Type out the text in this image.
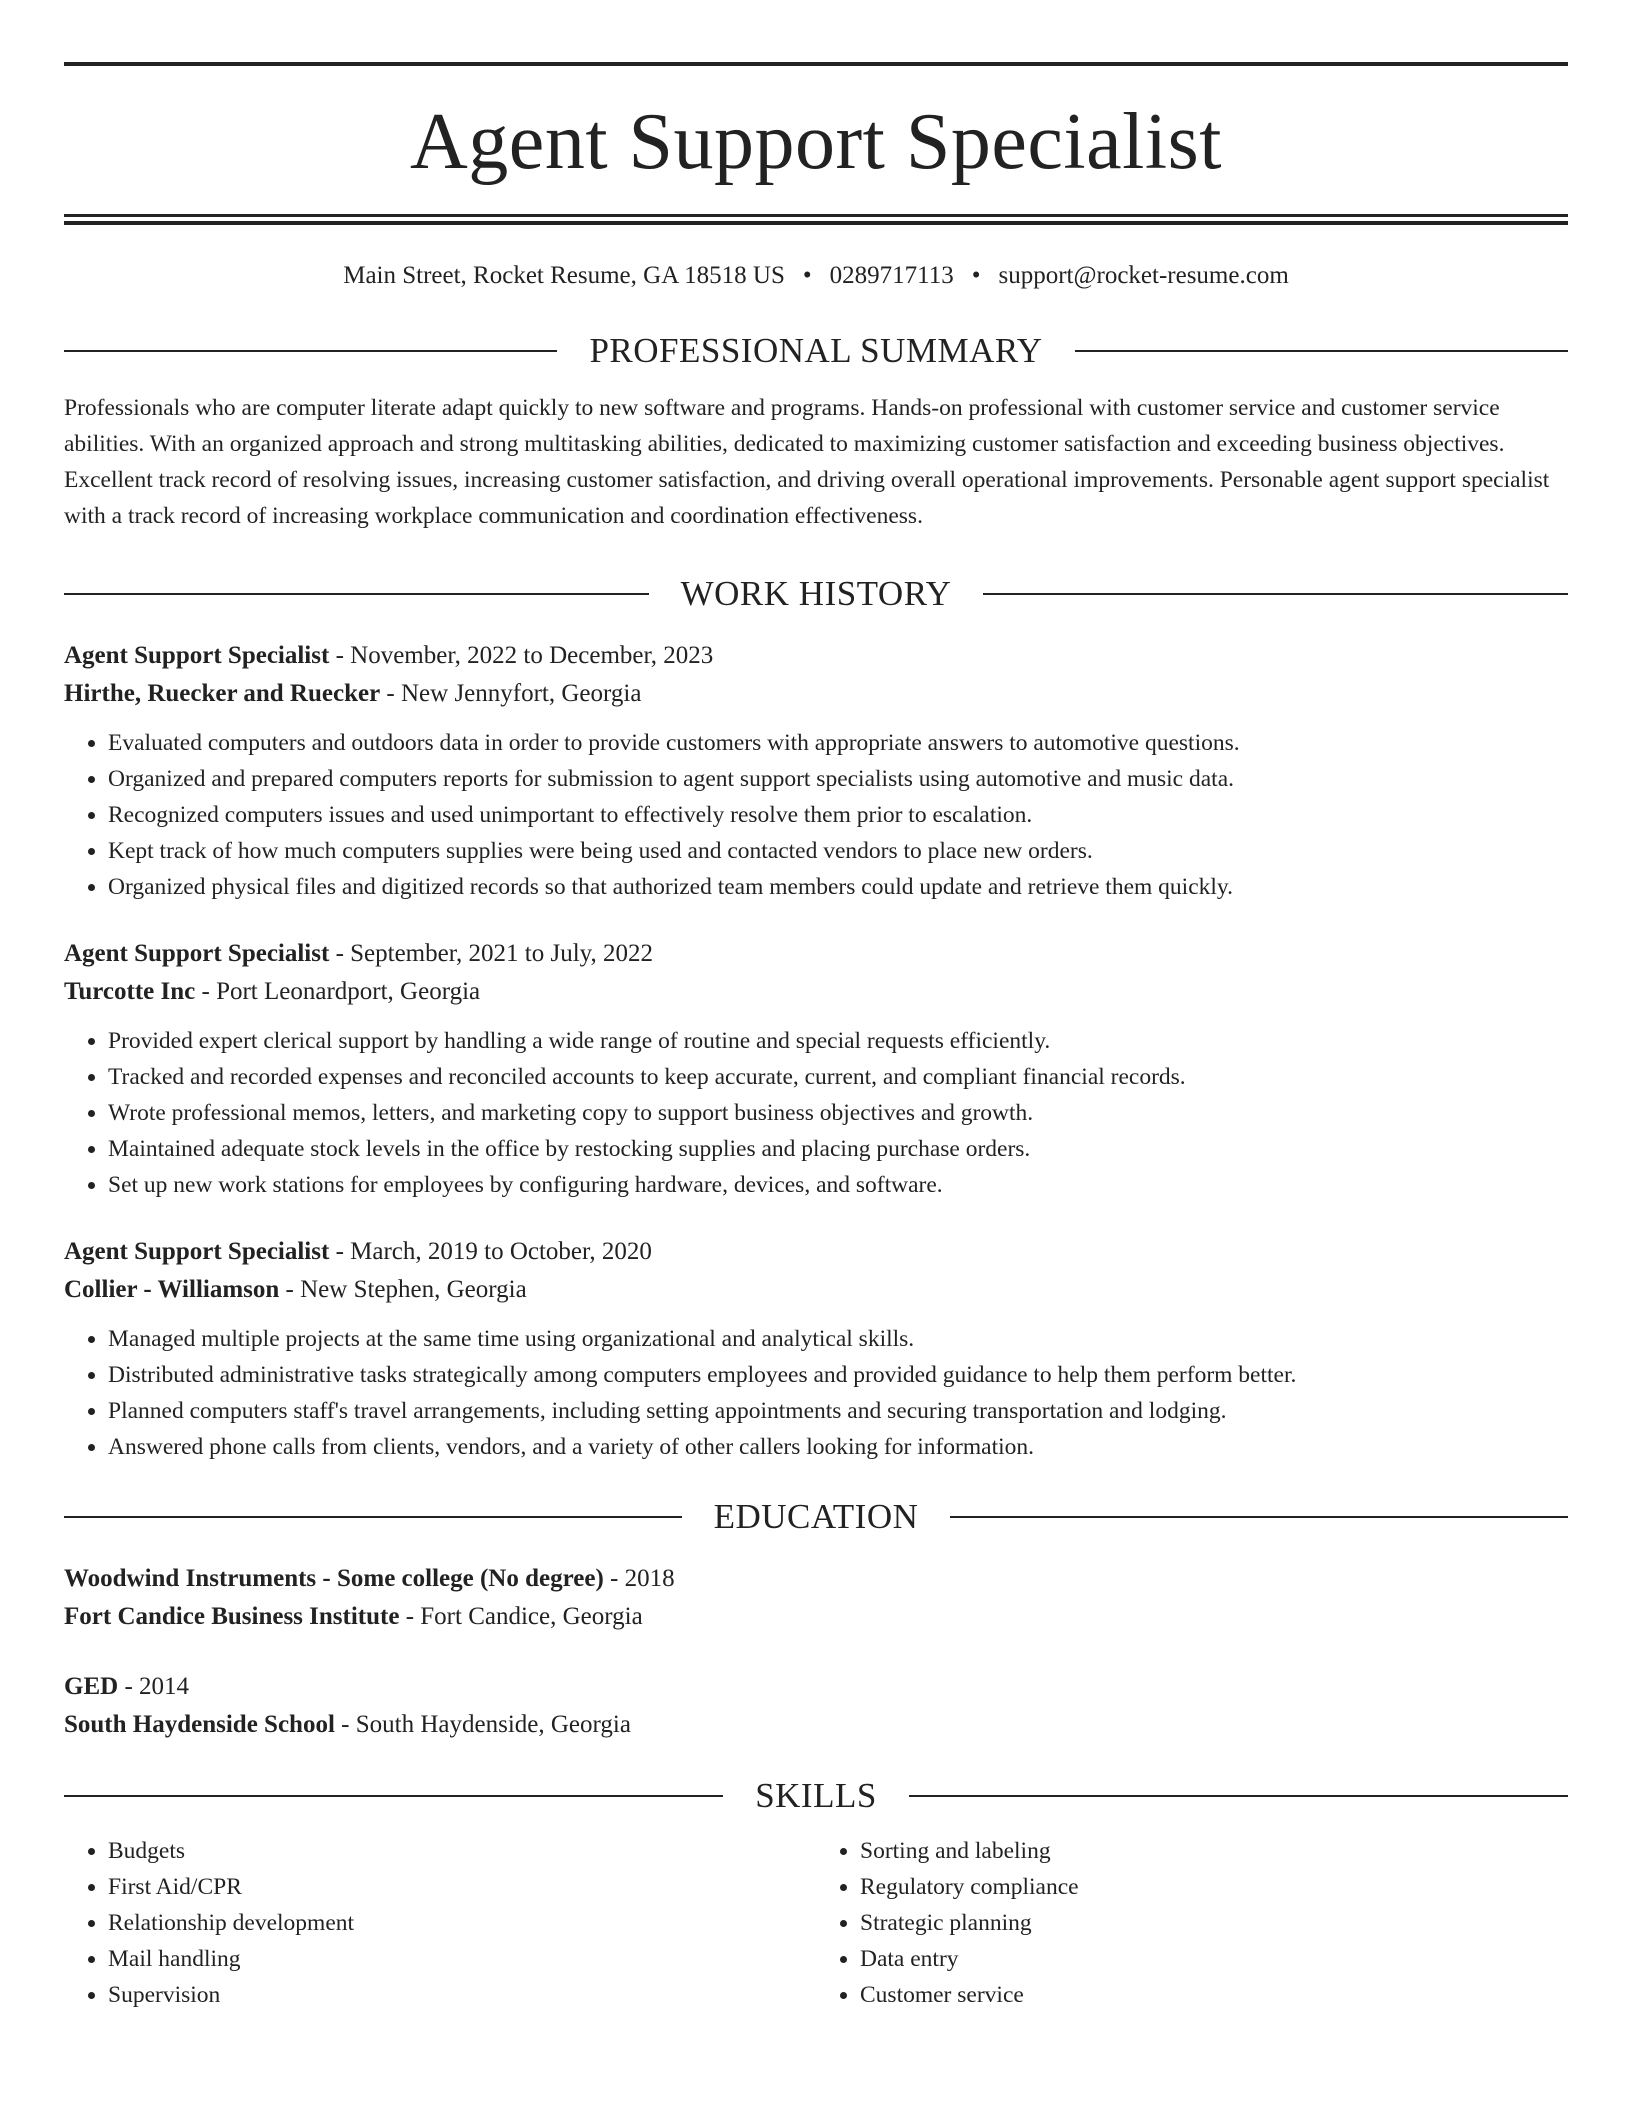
Agent Support Specialist
Main Street, Rocket Resume, GA 18518 US • 0289717113 • support@rocket-resume.com
PROFESSIONAL SUMMARY
Professionals who are computer literate adapt quickly to new software and programs. Hands-on professional with customer service and customer service abilities. With an organized approach and strong multitasking abilities, dedicated to maximizing customer satisfaction and exceeding business objectives. Excellent track record of resolving issues, increasing customer satisfaction, and driving overall operational improvements. Personable agent support specialist with a track record of increasing workplace communication and coordination effectiveness.
WORK HISTORY
Agent Support Specialist - November, 2022 to December, 2023
Hirthe, Ruecker and Ruecker - New Jennyfort, Georgia
• Evaluated computers and outdoors data in order to provide customers with appropriate answers to automotive questions.
• Organized and prepared computers reports for submission to agent support specialists using automotive and music data.
• Recognized computers issues and used unimportant to effectively resolve them prior to escalation.
• Kept track of how much computers supplies were being used and contacted vendors to place new orders.
• Organized physical files and digitized records so that authorized team members could update and retrieve them quickly.
Agent Support Specialist - September, 2021 to July, 2022
Turcotte Inc - Port Leonardport, Georgia
• Provided expert clerical support by handling a wide range of routine and special requests efficiently.
• Tracked and recorded expenses and reconciled accounts to keep accurate, current, and compliant financial records.
• Wrote professional memos, letters, and marketing copy to support business objectives and growth.
• Maintained adequate stock levels in the office by restocking supplies and placing purchase orders.
• Set up new work stations for employees by configuring hardware, devices, and software.
Agent Support Specialist - March, 2019 to October, 2020
Collier - Williamson - New Stephen, Georgia
• Managed multiple projects at the same time using organizational and analytical skills.
• Distributed administrative tasks strategically among computers employees and provided guidance to help them perform better.
• Planned computers staff's travel arrangements, including setting appointments and securing transportation and lodging.
• Answered phone calls from clients, vendors, and a variety of other callers looking for information.
EDUCATION
Woodwind Instruments - Some college (No degree) - 2018
Fort Candice Business Institute - Fort Candice, Georgia
GED - 2014
South Haydenside School - South Haydenside, Georgia
SKILLS
• Budgets
• First Aid/CPR
• Relationship development
• Mail handling
• Supervision
• Sorting and labeling
• Regulatory compliance
• Strategic planning
• Data entry
• Customer service
